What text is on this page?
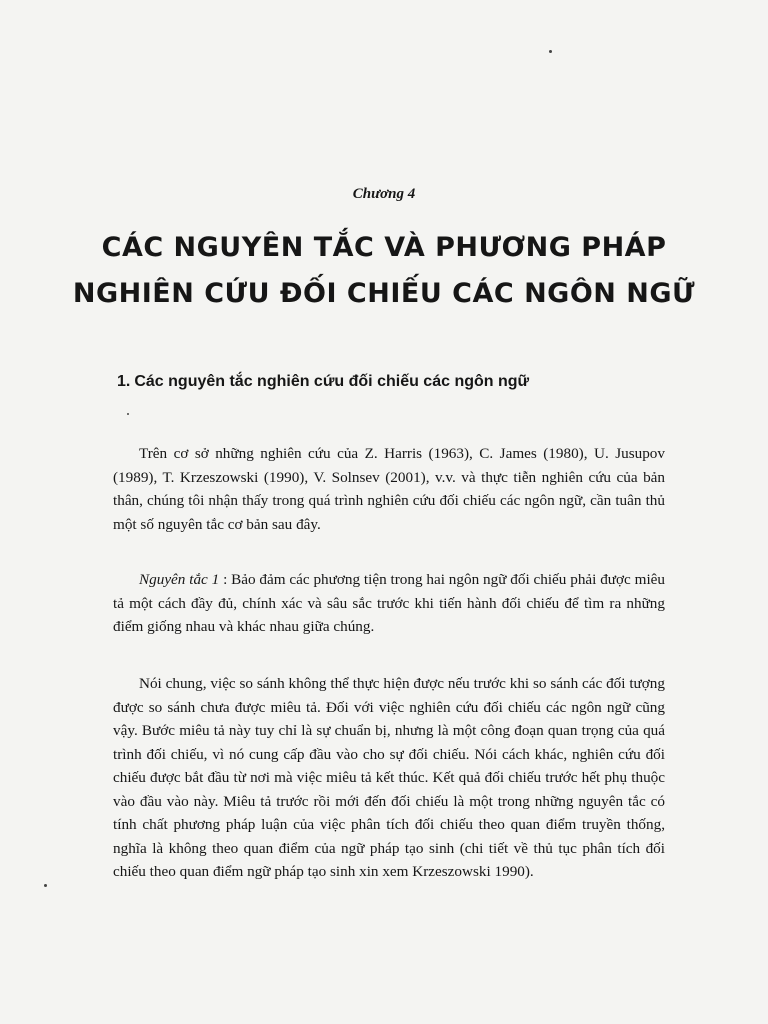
Chương 4
CÁC NGUYÊN TẮC VÀ PHƯƠNG PHÁP
NGHIÊN CỨU ĐỐI CHIẾU CÁC NGÔN NGỮ
1. Các nguyên tắc nghiên cứu đối chiếu các ngôn ngữ

Trên cơ sở những nghiên cứu của Z. Harris (1963), C. James (1980), U. Jusupov (1989), T. Krzeszowski (1990), V. Solnsev (2001), v.v. và thực tiễn nghiên cứu của bản thân, chúng tôi nhận thấy trong quá trình nghiên cứu đối chiếu các ngôn ngữ, cần tuân thủ một số nguyên tắc cơ bản sau đây.

Nguyên tắc 1 : Bảo đảm các phương tiện trong hai ngôn ngữ đối chiếu phải được miêu tả một cách đầy đủ, chính xác và sâu sắc trước khi tiến hành đối chiếu để tìm ra những điểm giống nhau và khác nhau giữa chúng.

Nói chung, việc so sánh không thể thực hiện được nếu trước khi so sánh các đối tượng được so sánh chưa được miêu tả. Đối với việc nghiên cứu đối chiếu các ngôn ngữ cũng vậy. Bước miêu tả này tuy chỉ là sự chuẩn bị, nhưng là một công đoạn quan trọng của quá trình đối chiếu, vì nó cung cấp đầu vào cho sự đối chiếu. Nói cách khác, nghiên cứu đối chiếu được bắt đầu từ nơi mà việc miêu tả kết thúc. Kết quả đối chiếu trước hết phụ thuộc vào đầu vào này. Miêu tả trước rồi mới đến đối chiếu là một trong những nguyên tắc có tính chất phương pháp luận của việc phân tích đối chiếu theo quan điểm truyền thống, nghĩa là không theo quan điểm của ngữ pháp tạo sinh (chi tiết về thủ tục phân tích đối chiếu theo quan điểm ngữ pháp tạo sinh xin xem Krzeszowski 1990).
